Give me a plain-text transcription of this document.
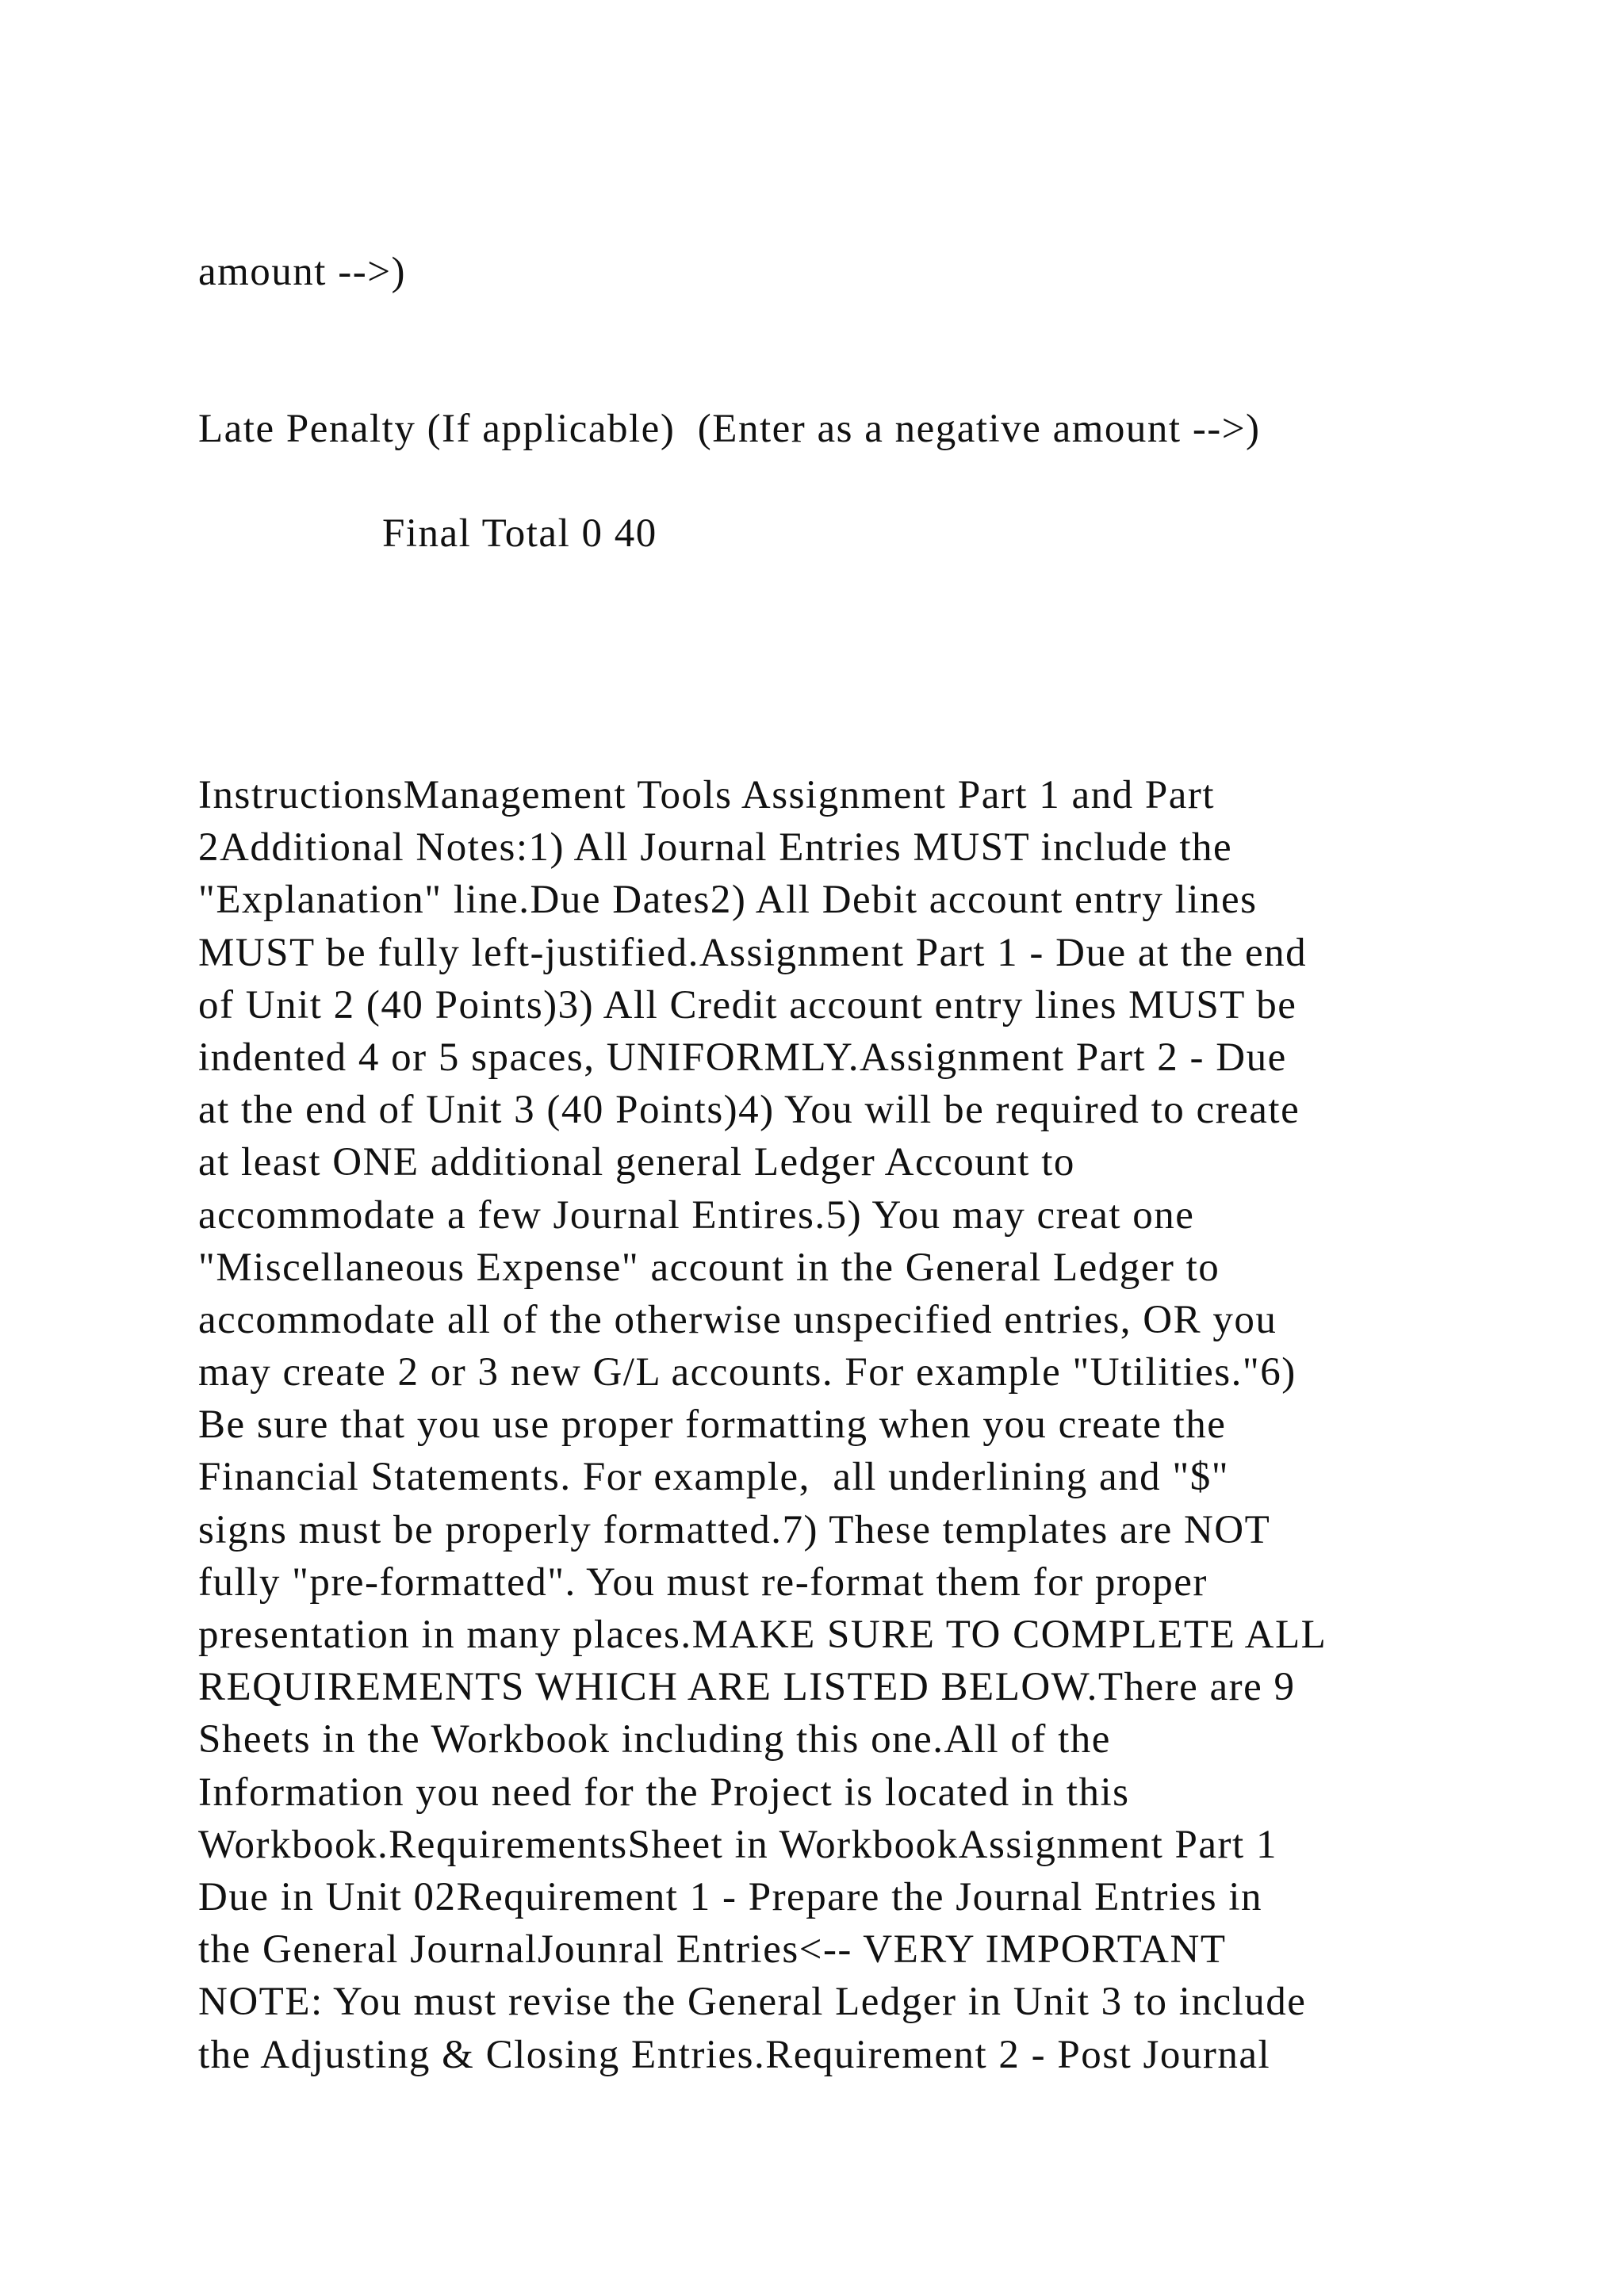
amount -->)
Late Penalty (If applicable)  (Enter as a negative amount -->)
Final Total 0 40
InstructionsManagement Tools Assignment Part 1 and Part
2Additional Notes:1) All Journal Entries MUST include the
"Explanation" line.Due Dates2) All Debit account entry lines
MUST be fully left-justified.Assignment Part 1 - Due at the end
of Unit 2 (40 Points)3) All Credit account entry lines MUST be
indented 4 or 5 spaces, UNIFORMLY.Assignment Part 2 - Due
at the end of Unit 3 (40 Points)4) You will be required to create
at least ONE additional general Ledger Account to
accommodate a few Journal Entires.5) You may creat one
"Miscellaneous Expense" account in the General Ledger to
accommodate all of the otherwise unspecified entries, OR you
may create 2 or 3 new G/L accounts. For example "Utilities."6)
Be sure that you use proper formatting when you create the
Financial Statements. For example,  all underlining and "$"
signs must be properly formatted.7) These templates are NOT
fully "pre-formatted". You must re-format them for proper
presentation in many places.MAKE SURE TO COMPLETE ALL
REQUIREMENTS WHICH ARE LISTED BELOW.There are 9
Sheets in the Workbook including this one.All of the
Information you need for the Project is located in this
Workbook.RequirementsSheet in WorkbookAssignment Part 1
Due in Unit 02Requirement 1 - Prepare the Journal Entries in
the General JournalJounral Entries<-- VERY IMPORTANT
NOTE: You must revise the General Ledger in Unit 3 to include
the Adjusting & Closing Entries.Requirement 2 - Post Journal
